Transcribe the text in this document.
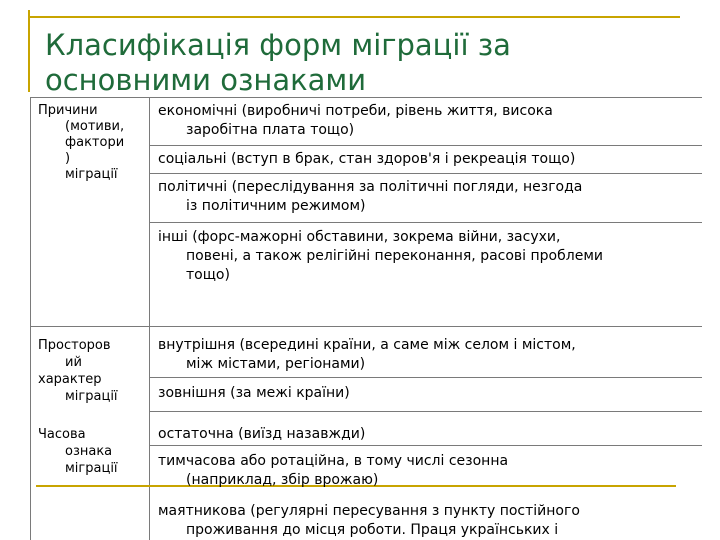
Класифікація форм міграції за
основними ознаками
Причини
(мотиви,
фактори
)
міграції
Просторов
ий
характер
міграції
Часова
ознака
міграції
економічні (виробничі потреби, рівень життя, висока
заробітна плата тощо)
соціальні (вступ в брак, стан здоров'я і рекреація тощо)
політичні (переслідування за політичні погляди, незгода
із політичним режимом)
інші (форс-мажорні обставини, зокрема війни, засухи,
повені, а також релігійні переконання, расові проблеми
тощо)
внутрішня (всередині країни, а саме між селом і містом,
між містами, регіонами)
зовнішня (за межі країни)
остаточна (виїзд назавжди)
тимчасова або ротаційна, в тому числі сезонна
(наприклад, збір врожаю)
маятникова (регулярні пересування з пункту постійного
проживання до місця роботи. Праця українських і
